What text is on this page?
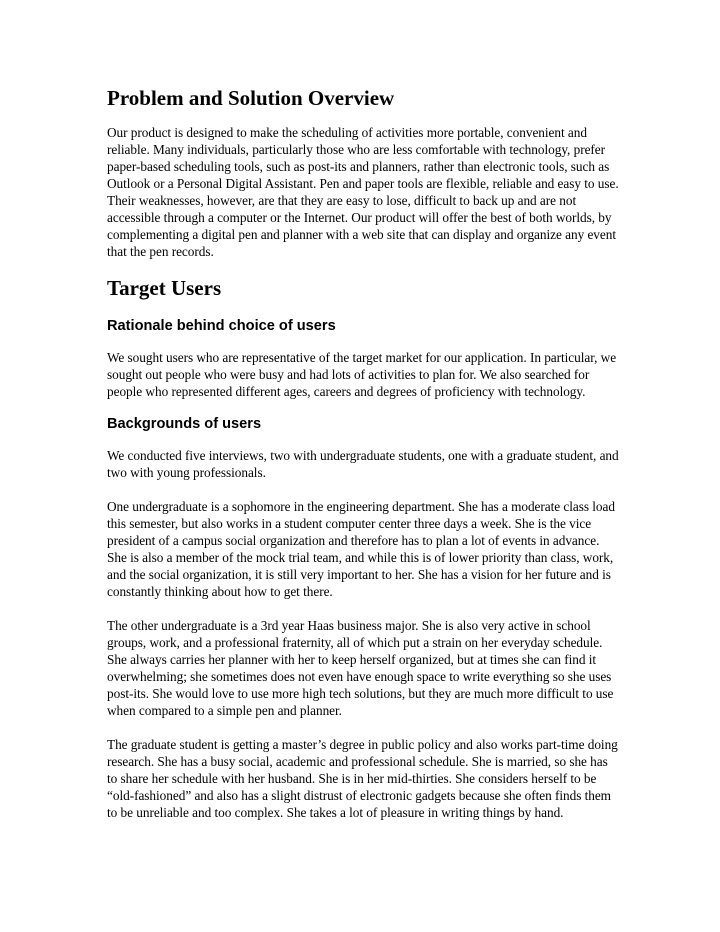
Problem and Solution Overview

Our product is designed to make the scheduling of activities more portable, convenient and reliable. Many individuals, particularly those who are less comfortable with technology, prefer paper-based scheduling tools, such as post-its and planners, rather than electronic tools, such as Outlook or a Personal Digital Assistant. Pen and paper tools are flexible, reliable and easy to use. Their weaknesses, however, are that they are easy to lose, difficult to back up and are not accessible through a computer or the Internet. Our product will offer the best of both worlds, by complementing a digital pen and planner with a web site that can display and organize any event that the pen records.

Target Users
Rationale behind choice of users

We sought users who are representative of the target market for our application. In particular, we sought out people who were busy and had lots of activities to plan for. We also searched for people who represented different ages, careers and degrees of proficiency with technology.

Backgrounds of users

We conducted five interviews, two with undergraduate students, one with a graduate student, and two with young professionals.

One undergraduate is a sophomore in the engineering department. She has a moderate class load this semester, but also works in a student computer center three days a week. She is the vice president of a campus social organization and therefore has to plan a lot of events in advance. She is also a member of the mock trial team, and while this is of lower priority than class, work, and the social organization, it is still very important to her. She has a vision for her future and is constantly thinking about how to get there.

The other undergraduate is a 3rd year Haas business major. She is also very active in school groups, work, and a professional fraternity, all of which put a strain on her everyday schedule. She always carries her planner with her to keep herself organized, but at times she can find it overwhelming; she sometimes does not even have enough space to write everything so she uses post-its. She would love to use more high tech solutions, but they are much more difficult to use when compared to a simple pen and planner.

The graduate student is getting a master’s degree in public policy and also works part-time doing research. She has a busy social, academic and professional schedule. She is married, so she has to share her schedule with her husband. She is in her mid-thirties. She considers herself to be “old-fashioned” and also has a slight distrust of electronic gadgets because she often finds them to be unreliable and too complex. She takes a lot of pleasure in writing things by hand.
